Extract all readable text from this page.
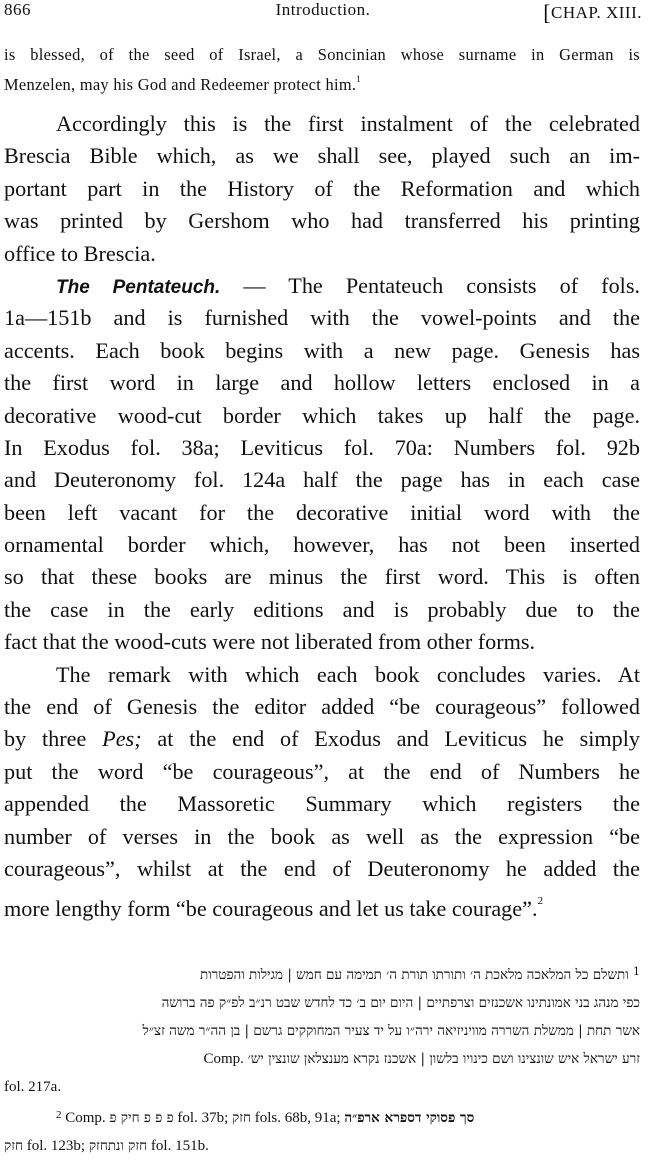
866	Introduction.
[	CHAP. XIII.
is blessed, of the seed of Israel, a Soncinian whose surname in German is
Menzelen, may his God and Redeemer protect him.$^1$
Accordingly this is the first instalment of the celebrated
Brescia Bible which, as we shall see, played such an im-
portant part in the History of the Reformation and which
was printed by Gershom who had transferred his printing
office to Brescia.
The Pentateuch. — The Pentateuch consists of fols.
1a—151b and is furnished with the vowel-points and the
accents. Each book begins with a new page. Genesis has
the first word in large and hollow letters enclosed in a
decorative wood-cut border which takes up half the page.
In Exodus fol. 38a; Leviticus fol. 70a: Numbers fol. 92b
and Deuteronomy fol. 124a half the page has in each case
been left vacant for the decorative initial word with the
ornamental border which, however, has not been inserted
so that these books are minus the first word. This is often
the case in the early editions and is probably due to the
fact that the wood-cuts were not liberated from other forms.
The remark with which each book concludes varies. At
the end of Genesis the editor added “be courageous” followed
by three Pes; at the end of Exodus and Leviticus he simply
put the word “be courageous”, at the end of Numbers he
appended the Massoretic Summary which registers the
number of verses in the book as well as the expression “be
courageous”, whilst at the end of Deuteronomy he added the
more lengthy form “be courageous and let us take courage”.$^2$
$^1$ ותשלם כל המלאכה מלאכת ה׳ ותורתו תורת ה׳ תמימה עם חמש | מגילות והפטרות
כפי מנהג בני אמונתינו אשכנזים וצרפתיים | היום יום ב׳ כד לחדש שבט רנ״ב לפ״ק פה ברושה
אשר תחת | ממשלת השררה מוויניזיאה ירה״ו על יד צעיר המחוקקים גרשם | בן הה״ר משה זצ״ל
זרע ישראל איש שונצינו ושם כינויו בלשון | אשכנז נקרא מענצלאן שונצין יש׳ Comp.
fol. 217a.
$^2$ Comp. פ פ פ חיק פ fol. 37b; חזק fols. 68b, 91a; סך פסוקי דספרא ארפ״ה
חזק fol. 123b; חזק ונתחזק fol. 151b.
